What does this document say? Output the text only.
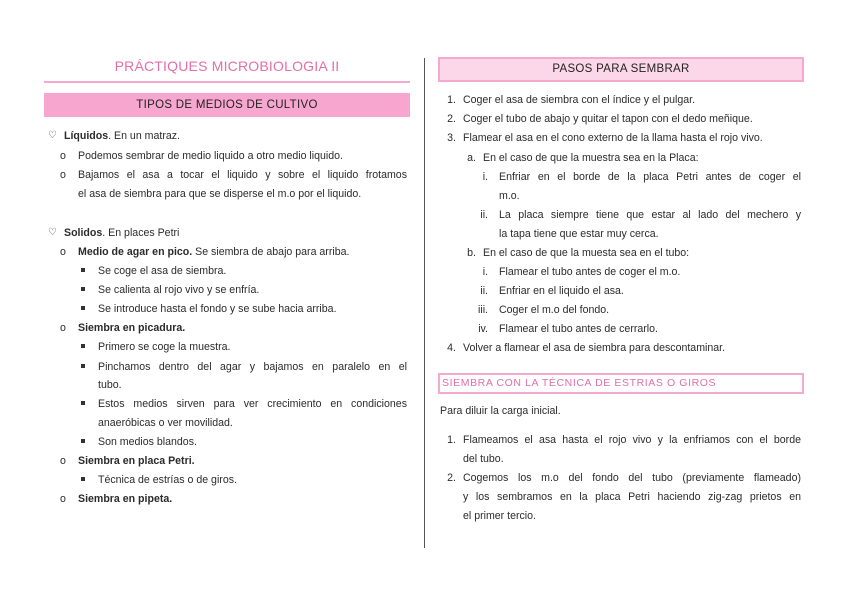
PRÁCTIQUES MICROBIOLOGIA II
TIPOS DE MEDIOS DE CULTIVO
♡ Líquidos. En un matraz.
o Podemos sembrar de medio liquido a otro medio liquido.
o Bajamos el asa a tocar el liquido y sobre el liquido frotamos
el asa de siembra para que se disperse el m.o por el liquido.
♡ Solidos. En places Petri
o Medio de agar en pico. Se siembra de abajo para arriba.
Se coge el asa de siembra.
Se calienta al rojo vivo y se enfría.
Se introduce hasta el fondo y se sube hacia arriba.
o Siembra en picadura.
Primero se coge la muestra.
Pinchamos dentro del agar y bajamos en paralelo en el
tubo.
Estos medios sirven para ver crecimiento en condiciones
anaeróbicas o ver movilidad.
Son medios blandos.
o Siembra en placa Petri.
Técnica de estrías o de giros.
o Siembra en pipeta.
PASOS PARA SEMBRAR
1. Coger el asa de siembra con el índice y el pulgar.
2. Coger el tubo de abajo y quitar el tapon con el dedo meñique.
3. Flamear el asa en el cono externo de la llama hasta el rojo vivo.
a. En el caso de que la muestra sea en la Placa:
i. Enfriar en el borde de la placa Petri antes de coger el
m.o.
ii. La placa siempre tiene que estar al lado del mechero y
la tapa tiene que estar muy cerca.
b. En el caso de que la muesta sea en el tubo:
i. Flamear el tubo antes de coger el m.o.
ii. Enfriar en el liquido el asa.
iii. Coger el m.o del fondo.
iv. Flamear el tubo antes de cerrarlo.
4. Volver a flamear el asa de siembra para descontaminar.
SIEMBRA CON LA TÉCNICA DE ESTRIAS O GIROS
Para diluir la carga inicial.
1. Flameamos el asa hasta el rojo vivo y la enfriamos con el borde
del tubo.
2. Cogemos los m.o del fondo del tubo (previamente flameado)
y los sembramos en la placa Petri haciendo zig-zag prietos en
el primer tercio.
